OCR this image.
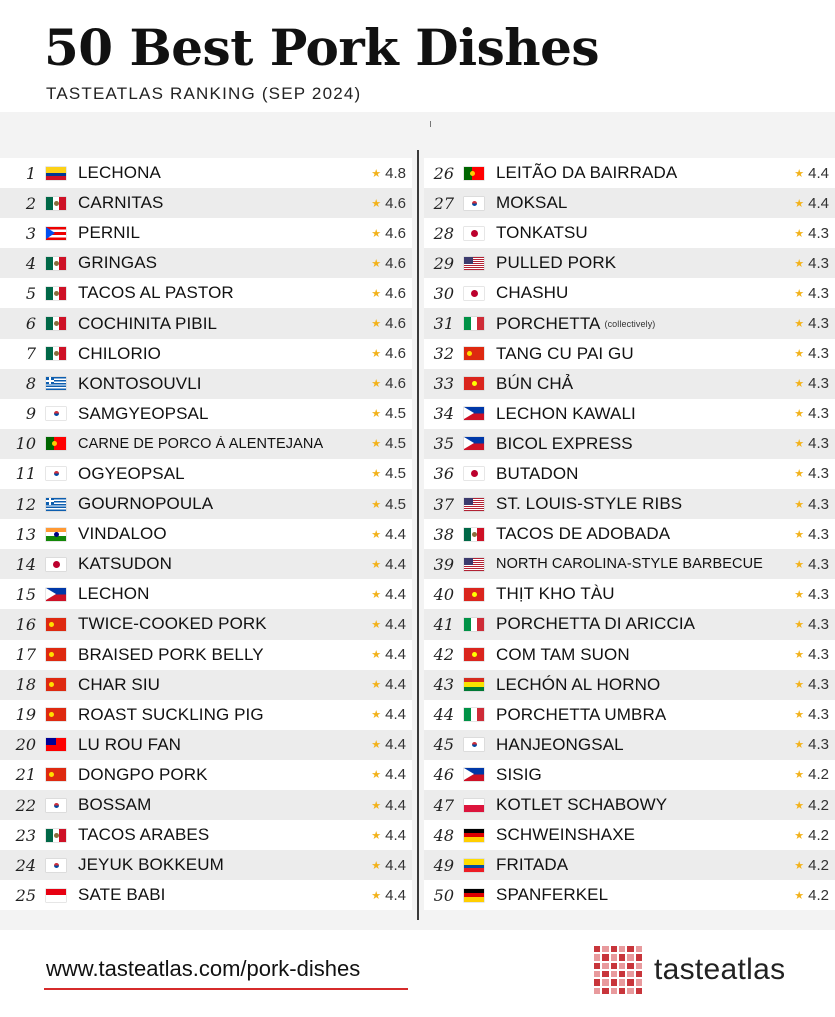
50 Best Pork Dishes
TASTEATLAS RANKING (SEP 2024)
1 LECHONA	★ 4.8
2 CARNITAS	★ 4.6
3 PERNIL	★ 4.6
4 GRINGAS	★ 4.6
5 TACOS AL PASTOR	★ 4.6
6 COCHINITA PIBIL	★ 4.6
7 CHILORIO	★ 4.6
8 KONTOSOUVLI	★ 4.6
9 SAMGYEOPSAL	★ 4.5
10	CARNE DE PORCO À ALENTEJANA	★ 4.5
11 OGYEOPSAL	★ 4.5
12 GOURNOPOULA	★ 4.5
13 VINDALOO	★ 4.4
14 KATSUDON	★ 4.4
15 LECHON	★ 4.4
16 TWICE-COOKED PORK	★ 4.4
17 BRAISED PORK BELLY	★ 4.4
18 CHAR SIU	★ 4.4
19 ROAST SUCKLING PIG	★ 4.4
20 LU ROU FAN	★ 4.4
21 DONGPO PORK	★ 4.4
22 BOSSAM	★ 4.4
23 TACOS ARABES	★ 4.4
24 JEYUK BOKKEUM	★ 4.4
25 SATE BABI	★ 4.4
26 LEITÃO DA BAIRRADA	★ 4.4
27 MOKSAL	★ 4.4
28 TONKATSU	★ 4.3
29 PULLED PORK	★ 4.3
30 CHASHU	★ 4.3
31 PORCHETTA (collectively)	★ 4.3
32 TANG CU PAI GU	★ 4.3
33 BÚN CHẢ	★ 4.3
34 LECHON KAWALI	★ 4.3
35 BICOL EXPRESS	★ 4.3
36 BUTADON	★ 4.3
37 ST. LOUIS-STYLE RIBS	★ 4.3
38 TACOS DE ADOBADA	★ 4.3
39	NORTH CAROLINA-STYLE BARBECUE	★ 4.3
40 THỊT KHO TÀU	★ 4.3
41 PORCHETTA DI ARICCIA	★ 4.3
42 COM TAM SUON	★ 4.3
43 LECHÓN AL HORNO	★ 4.3
44 PORCHETTA UMBRA	★ 4.3
45 HANJEONGSAL	★ 4.3
46 SISIG	★ 4.2
47 KOTLET SCHABOWY	★ 4.2
48 SCHWEINSHAXE	★ 4.2
49 FRITADA	★ 4.2
50 SPANFERKEL	★ 4.2
www.tasteatlas.com/pork-dishes	tasteatlas
